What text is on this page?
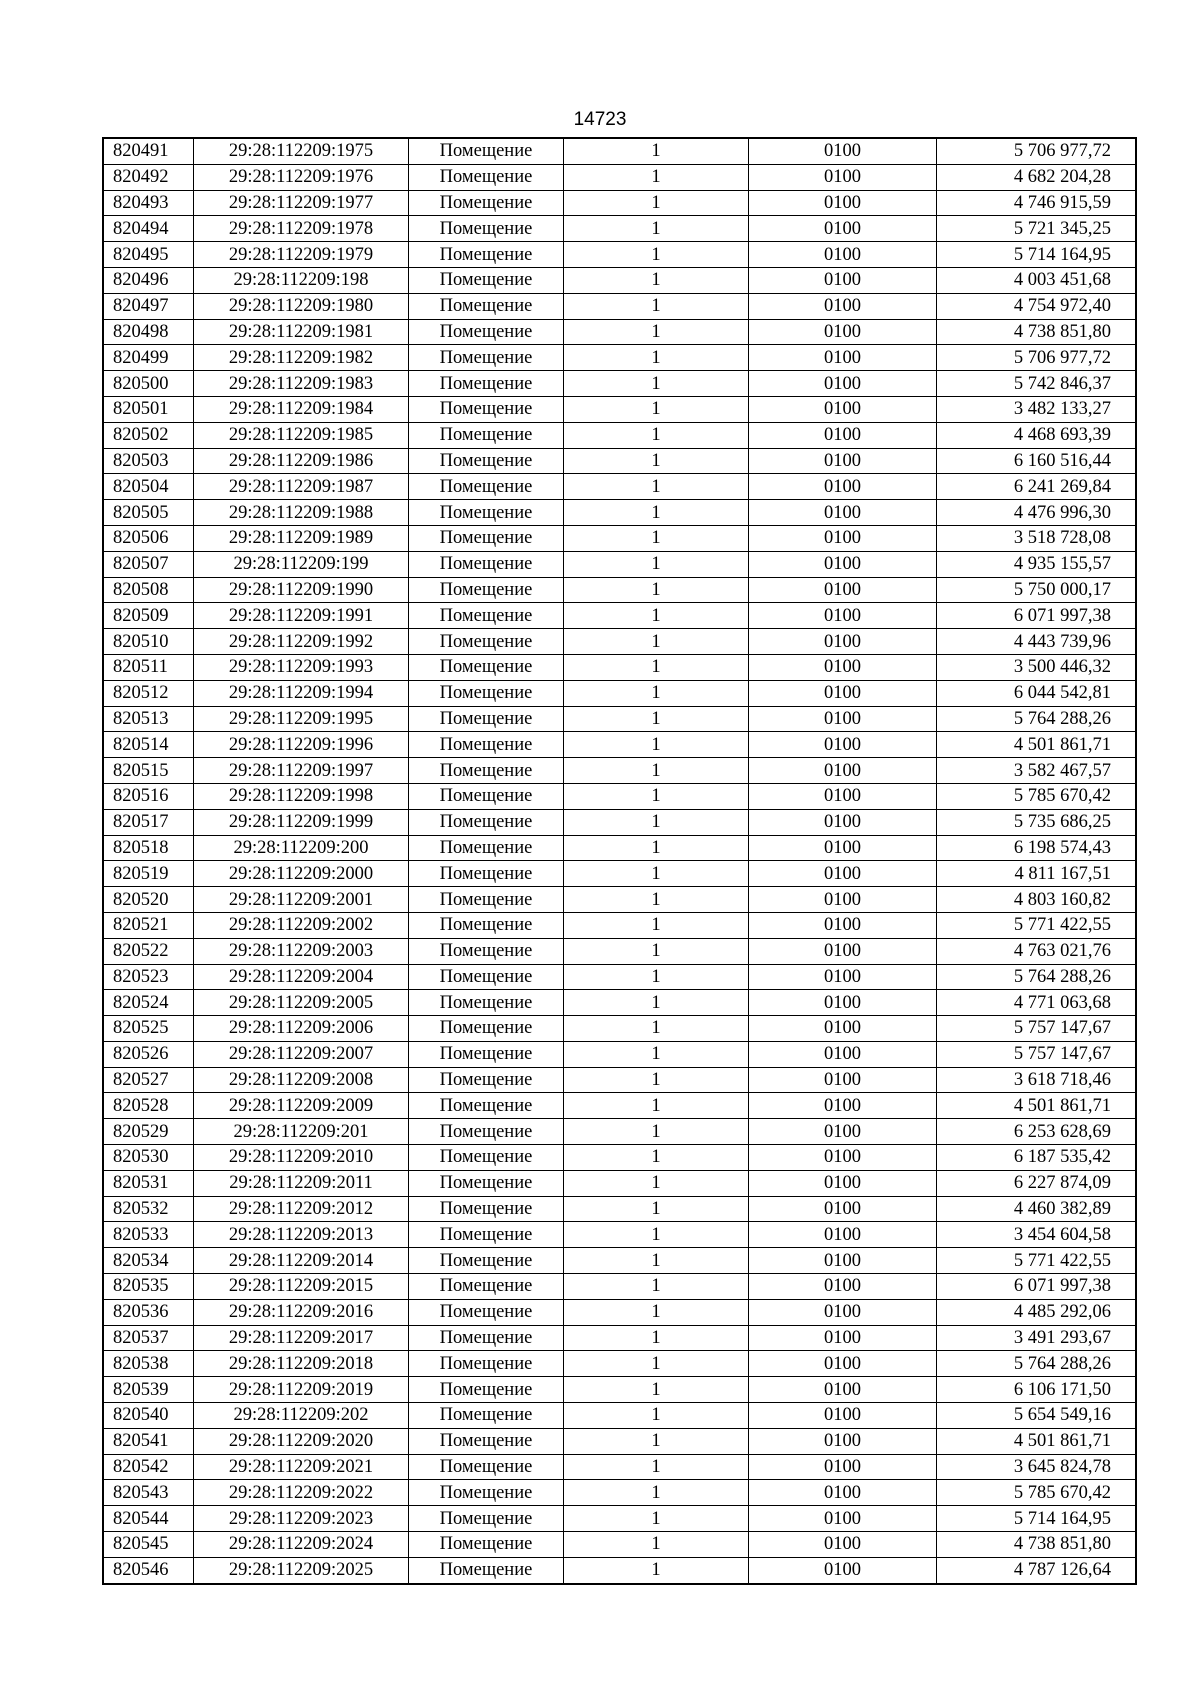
14723
820491	29:28:112209:1975	Помещение	1	0100	5 706 977,72
820492	29:28:112209:1976	Помещение	1	0100	4 682 204,28
820493	29:28:112209:1977	Помещение	1	0100	4 746 915,59
820494	29:28:112209:1978	Помещение	1	0100	5 721 345,25
820495	29:28:112209:1979	Помещение	1	0100	5 714 164,95
820496	29:28:112209:198	Помещение	1	0100	4 003 451,68
820497	29:28:112209:1980	Помещение	1	0100	4 754 972,40
820498	29:28:112209:1981	Помещение	1	0100	4 738 851,80
820499	29:28:112209:1982	Помещение	1	0100	5 706 977,72
820500	29:28:112209:1983	Помещение	1	0100	5 742 846,37
820501	29:28:112209:1984	Помещение	1	0100	3 482 133,27
820502	29:28:112209:1985	Помещение	1	0100	4 468 693,39
820503	29:28:112209:1986	Помещение	1	0100	6 160 516,44
820504	29:28:112209:1987	Помещение	1	0100	6 241 269,84
820505	29:28:112209:1988	Помещение	1	0100	4 476 996,30
820506	29:28:112209:1989	Помещение	1	0100	3 518 728,08
820507	29:28:112209:199	Помещение	1	0100	4 935 155,57
820508	29:28:112209:1990	Помещение	1	0100	5 750 000,17
820509	29:28:112209:1991	Помещение	1	0100	6 071 997,38
820510	29:28:112209:1992	Помещение	1	0100	4 443 739,96
820511	29:28:112209:1993	Помещение	1	0100	3 500 446,32
820512	29:28:112209:1994	Помещение	1	0100	6 044 542,81
820513	29:28:112209:1995	Помещение	1	0100	5 764 288,26
820514	29:28:112209:1996	Помещение	1	0100	4 501 861,71
820515	29:28:112209:1997	Помещение	1	0100	3 582 467,57
820516	29:28:112209:1998	Помещение	1	0100	5 785 670,42
820517	29:28:112209:1999	Помещение	1	0100	5 735 686,25
820518	29:28:112209:200	Помещение	1	0100	6 198 574,43
820519	29:28:112209:2000	Помещение	1	0100	4 811 167,51
820520	29:28:112209:2001	Помещение	1	0100	4 803 160,82
820521	29:28:112209:2002	Помещение	1	0100	5 771 422,55
820522	29:28:112209:2003	Помещение	1	0100	4 763 021,76
820523	29:28:112209:2004	Помещение	1	0100	5 764 288,26
820524	29:28:112209:2005	Помещение	1	0100	4 771 063,68
820525	29:28:112209:2006	Помещение	1	0100	5 757 147,67
820526	29:28:112209:2007	Помещение	1	0100	5 757 147,67
820527	29:28:112209:2008	Помещение	1	0100	3 618 718,46
820528	29:28:112209:2009	Помещение	1	0100	4 501 861,71
820529	29:28:112209:201	Помещение	1	0100	6 253 628,69
820530	29:28:112209:2010	Помещение	1	0100	6 187 535,42
820531	29:28:112209:2011	Помещение	1	0100	6 227 874,09
820532	29:28:112209:2012	Помещение	1	0100	4 460 382,89
820533	29:28:112209:2013	Помещение	1	0100	3 454 604,58
820534	29:28:112209:2014	Помещение	1	0100	5 771 422,55
820535	29:28:112209:2015	Помещение	1	0100	6 071 997,38
820536	29:28:112209:2016	Помещение	1	0100	4 485 292,06
820537	29:28:112209:2017	Помещение	1	0100	3 491 293,67
820538	29:28:112209:2018	Помещение	1	0100	5 764 288,26
820539	29:28:112209:2019	Помещение	1	0100	6 106 171,50
820540	29:28:112209:202	Помещение	1	0100	5 654 549,16
820541	29:28:112209:2020	Помещение	1	0100	4 501 861,71
820542	29:28:112209:2021	Помещение	1	0100	3 645 824,78
820543	29:28:112209:2022	Помещение	1	0100	5 785 670,42
820544	29:28:112209:2023	Помещение	1	0100	5 714 164,95
820545	29:28:112209:2024	Помещение	1	0100	4 738 851,80
820546	29:28:112209:2025	Помещение	1	0100	4 787 126,64
